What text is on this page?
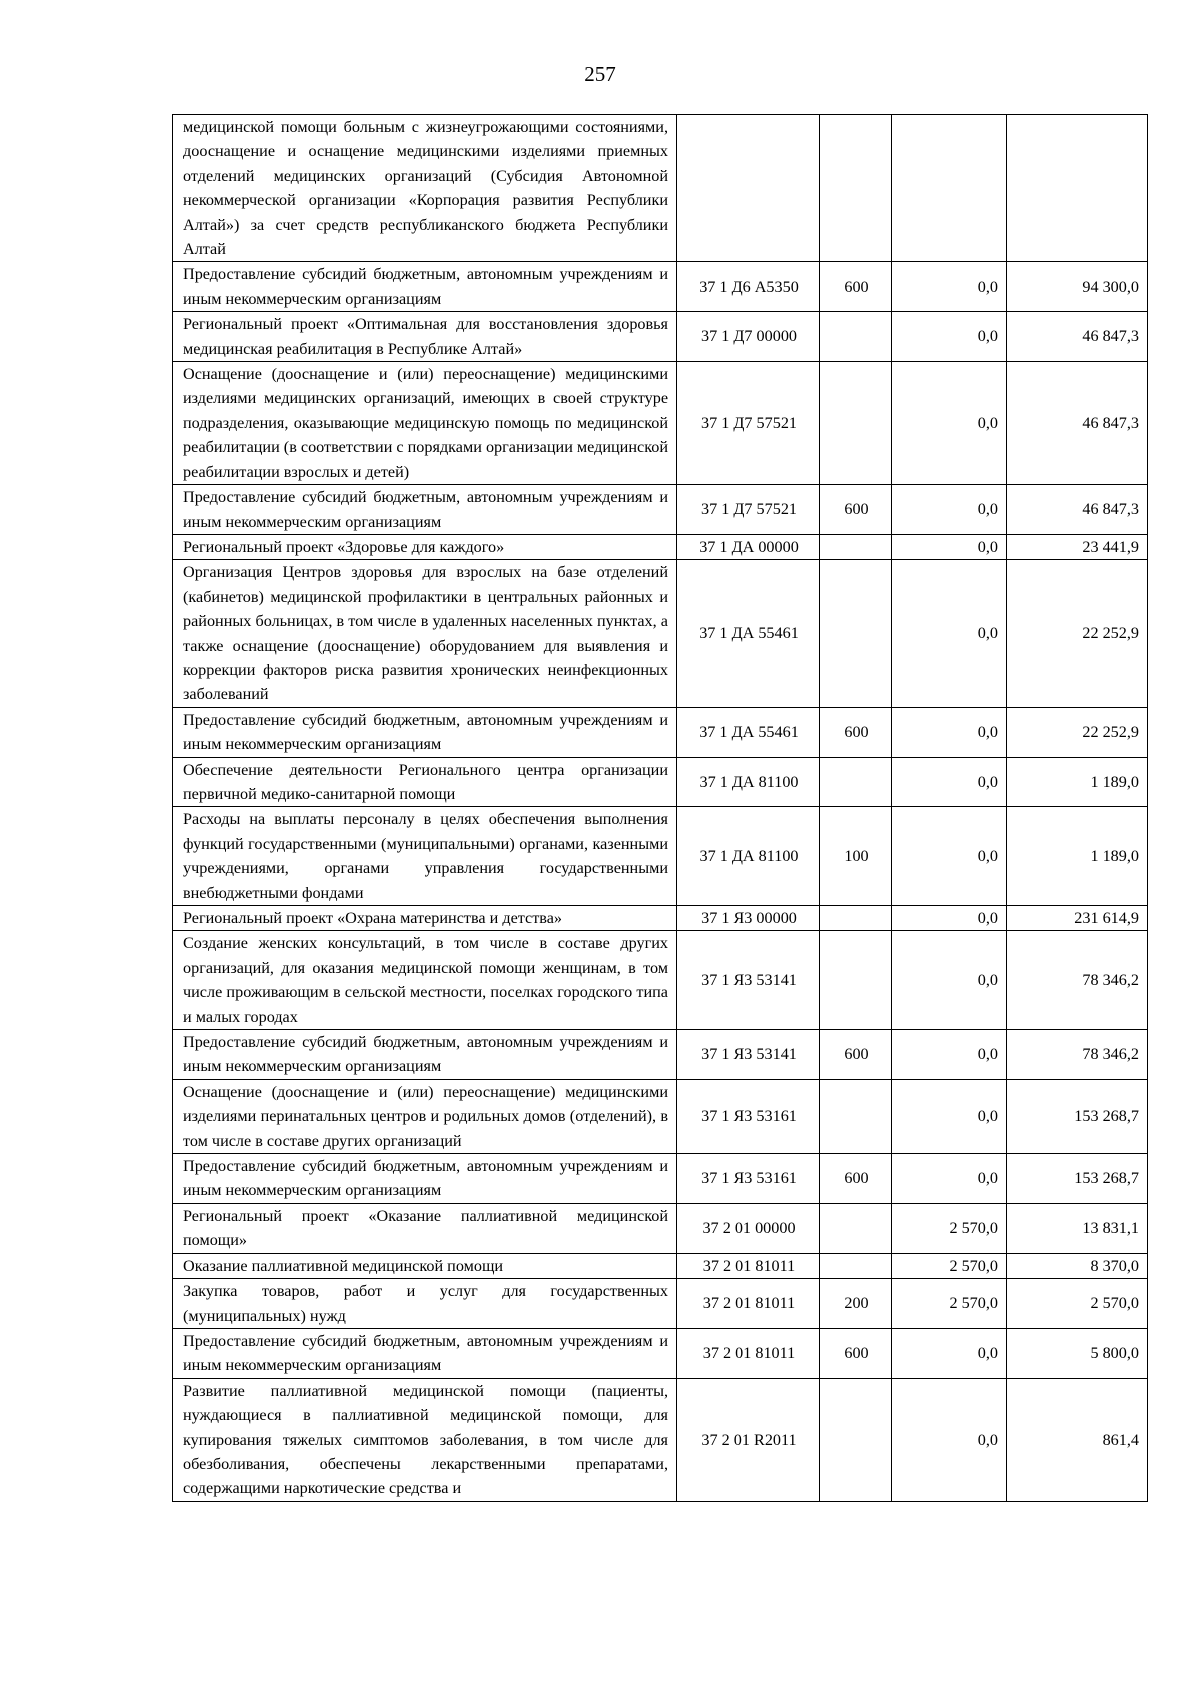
257
медицинской помощи больным с жизнеугрожающими состояниями, дооснащение и оснащение медицинскими изделиями приемных отделений медицинских организаций (Субсидия Автономной некоммерческой организации «Корпорация развития Республики Алтай») за счет средств республиканского бюджета Республики Алтай				
Предоставление субсидий бюджетным, автономным учреждениям и иным некоммерческим организациям	37 1 Д6 А5350	600	0,0	94 300,0
Региональный проект «Оптимальная для восстановления здоровья медицинская реабилитация в Республике Алтай»	37 1 Д7 00000		0,0	46 847,3
Оснащение (дооснащение и (или) переоснащение) медицинскими изделиями медицинских организаций, имеющих в своей структуре подразделения, оказывающие медицинскую помощь по медицинской реабилитации (в соответствии с порядками организации медицинской реабилитации взрослых и детей)	37 1 Д7 57521		0,0	46 847,3
Предоставление субсидий бюджетным, автономным учреждениям и иным некоммерческим организациям	37 1 Д7 57521	600	0,0	46 847,3
Региональный проект «Здоровье для каждого»	37 1 ДА 00000		0,0	23 441,9
Организация Центров здоровья для взрослых на базе отделений (кабинетов) медицинской профилактики в центральных районных и районных больницах, в том числе в удаленных населенных пунктах, а также оснащение (дооснащение) оборудованием для выявления и коррекции факторов риска развития хронических неинфекционных заболеваний	37 1 ДА 55461		0,0	22 252,9
Предоставление субсидий бюджетным, автономным учреждениям и иным некоммерческим организациям	37 1 ДА 55461	600	0,0	22 252,9
Обеспечение деятельности Регионального центра организации первичной медико-санитарной помощи	37 1 ДА 81100		0,0	1 189,0
Расходы на выплаты персоналу в целях обеспечения выполнения функций государственными (муниципальными) органами, казенными учреждениями, органами управления государственными внебюджетными фондами	37 1 ДА 81100	100	0,0	1 189,0
Региональный проект «Охрана материнства и детства»	37 1 Я3 00000		0,0	231 614,9
Создание женских консультаций, в том числе в составе других организаций, для оказания медицинской помощи женщинам, в том числе проживающим в сельской местности, поселках городского типа и малых городах	37 1 Я3 53141		0,0	78 346,2
Предоставление субсидий бюджетным, автономным учреждениям и иным некоммерческим организациям	37 1 Я3 53141	600	0,0	78 346,2
Оснащение (дооснащение и (или) переоснащение) медицинскими изделиями перинатальных центров и родильных домов (отделений), в том числе в составе других организаций	37 1 Я3 53161		0,0	153 268,7
Предоставление субсидий бюджетным, автономным учреждениям и иным некоммерческим организациям	37 1 Я3 53161	600	0,0	153 268,7
Региональный проект «Оказание паллиативной медицинской помощи»	37 2 01 00000		2 570,0	13 831,1
Оказание паллиативной медицинской помощи	37 2 01 81011		2 570,0	8 370,0
Закупка товаров, работ и услуг для государственных (муниципальных) нужд	37 2 01 81011	200	2 570,0	2 570,0
Предоставление субсидий бюджетным, автономным учреждениям и иным некоммерческим организациям	37 2 01 81011	600	0,0	5 800,0
Развитие паллиативной медицинской помощи (пациенты, нуждающиеся в паллиативной медицинской помощи, для купирования тяжелых симптомов заболевания, в том числе для обезболивания, обеспечены лекарственными препаратами, содержащими наркотические средства и	37 2 01 R2011		0,0	861,4
